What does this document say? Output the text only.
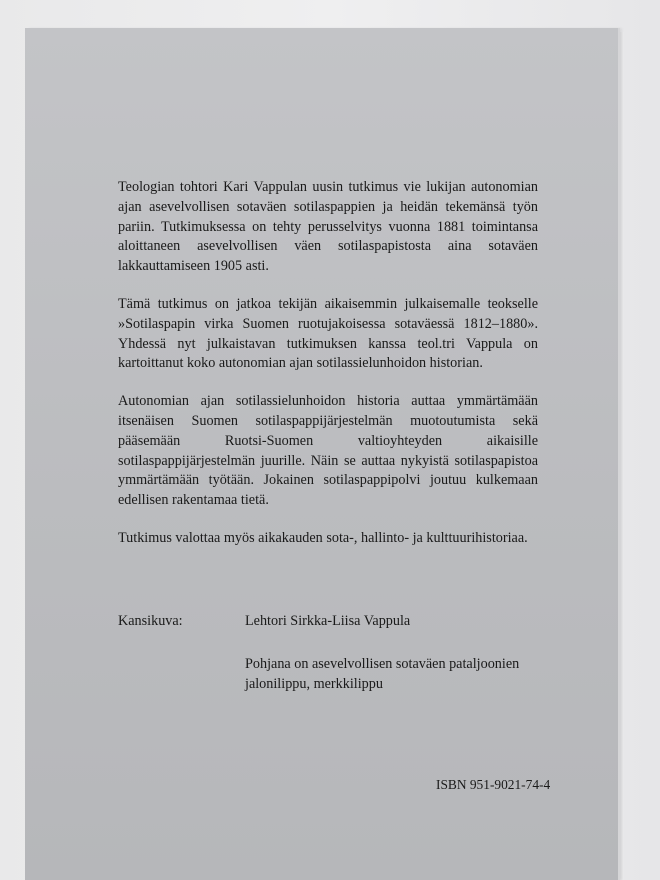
Teologian tohtori Kari Vappulan uusin tutkimus vie lukijan autonomian ajan asevelvollisen sotaväen sotilaspappien ja heidän tekemänsä työn pariin. Tutkimuksessa on tehty perusselvitys vuonna 1881 toimintansa aloittaneen asevelvollisen väen sotilaspapistosta aina sotaväen lakkauttamiseen 1905 asti.

Tämä tutkimus on jatkoa tekijän aikaisemmin julkaisemalle teokselle »Sotilaspapin virka Suomen ruotujakoisessa sotaväessä 1812–1880». Yhdessä nyt julkaistavan tutkimuksen kanssa teol.tri Vappula on kartoittanut koko autonomian ajan sotilassielunhoidon historian.

Autonomian ajan sotilassielunhoidon historia auttaa ymmärtämään itsenäisen Suomen sotilaspappijärjestelmän muotoutumista sekä pääsemään Ruotsi-Suomen valtioyhteyden aikaisille sotilaspappijärjestelmän juurille. Näin se auttaa nykyistä sotilaspapistoa ymmärtämään työtään. Jokainen sotilaspappipolvi joutuu kulkemaan edellisen rakentamaa tietä.

Tutkimus valottaa myös aikakauden sota-, hallinto- ja kulttuurihistoriaa.

Kansikuva:	Lehtori Sirkka-Liisa Vappula
Pohjana on asevelvollisen sotaväen pataljoonien jalonilippu, merkkilippu
ISBN 951-9021-74-4
